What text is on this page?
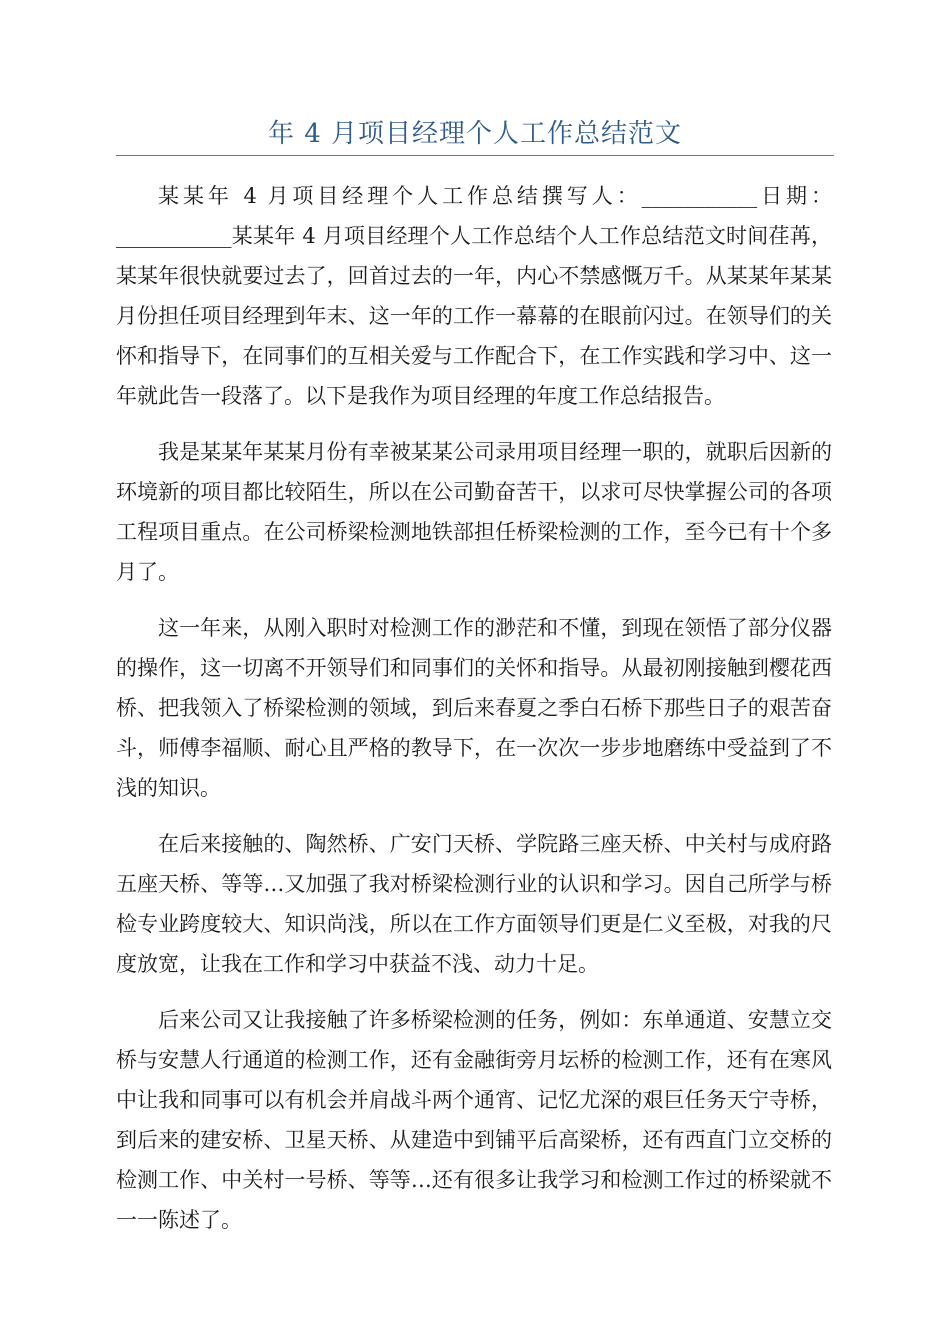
年 4 月项目经理个人工作总结范文

某某年 4 月项目经理个人工作总结撰写人：___________日期：___________某某年 4 月项目经理个人工作总结个人工作总结范文时间荏苒，某某年很快就要过去了，回首过去的一年，内心不禁感慨万千。从某某年某某月份担任项目经理到年末、这一年的工作一幕幕的在眼前闪过。在领导们的关怀和指导下，在同事们的互相关爱与工作配合下，在工作实践和学习中、这一年就此告一段落了。以下是我作为项目经理的年度工作总结报告。

我是某某年某某月份有幸被某某公司录用项目经理一职的，就职后因新的环境新的项目都比较陌生，所以在公司勤奋苦干，以求可尽快掌握公司的各项工程项目重点。在公司桥梁检测地铁部担任桥梁检测的工作，至今已有十个多月了。

这一年来，从刚入职时对检测工作的渺茫和不懂，到现在领悟了部分仪器的操作，这一切离不开领导们和同事们的关怀和指导。从最初刚接触到樱花西桥、把我领入了桥梁检测的领域，到后来春夏之季白石桥下那些日子的艰苦奋斗，师傅李福顺、耐心且严格的教导下，在一次次一步步地磨练中受益到了不浅的知识。

在后来接触的、陶然桥、广安门天桥、学院路三座天桥、中关村与成府路五座天桥、等等…又加强了我对桥梁检测行业的认识和学习。因自己所学与桥检专业跨度较大、知识尚浅，所以在工作方面领导们更是仁义至极，对我的尺度放宽，让我在工作和学习中获益不浅、动力十足。

后来公司又让我接触了许多桥梁检测的任务，例如：东单通道、安慧立交桥与安慧人行通道的检测工作，还有金融街旁月坛桥的检测工作，还有在寒风中让我和同事可以有机会并肩战斗两个通宵、记忆尤深的艰巨任务天宁寺桥，到后来的建安桥、卫星天桥、从建造中到铺平后高梁桥，还有西直门立交桥的检测工作、中关村一号桥、等等…还有很多让我学习和检测工作过的桥梁就不一一陈述了。
